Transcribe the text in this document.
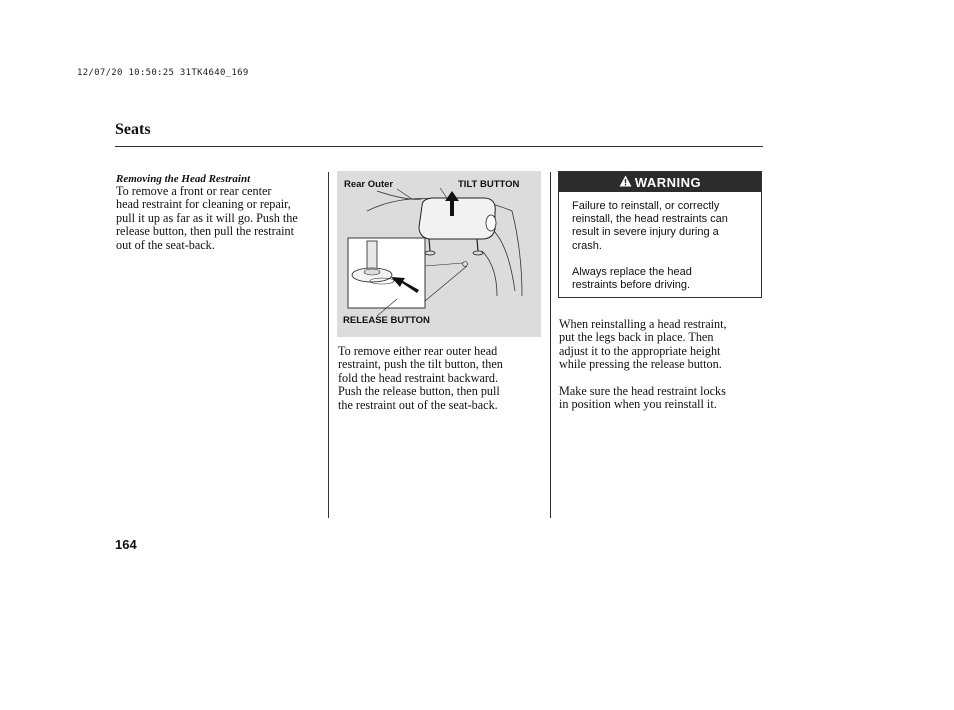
12/07/20 10:50:25 31TK4640_169
Seats
Removing the Head Restraint
To remove a front or rear center
head restraint for cleaning or repair,
pull it up as far as it will go. Push the
release button, then pull the restraint
out of the seat-back.
Rear Outer	TILT BUTTON
RELEASE BUTTON
To remove either rear outer head
restraint, push the tilt button, then
fold the head restraint backward.
Push the release button, then pull
the restraint out of the seat-back.
WARNING
Failure to reinstall, or correctly
reinstall, the head restraints can
result in severe injury during a
crash.
Always replace the head
restraints before driving.
When reinstalling a head restraint,
put the legs back in place. Then
adjust it to the appropriate height
while pressing the release button.
Make sure the head restraint locks
in position when you reinstall it.
164
